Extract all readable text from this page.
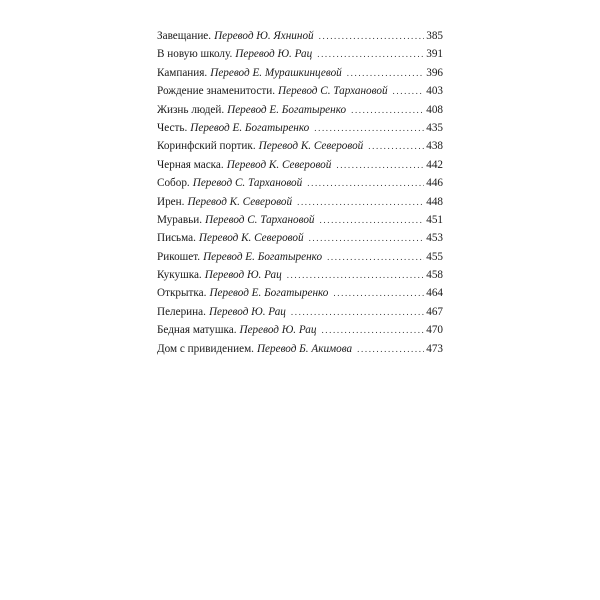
Завещание. Перевод Ю. Яхниной .....	385
В новую школу. Перевод Ю. Рац .....	391
Кампания. Перевод Е. Мурашкинцевой .....	396
Рождение знаменитости. Перевод С. Тархановой .....	403
Жизнь людей. Перевод Е. Богатыренко .....	408
Честь. Перевод Е. Богатыренко .....	435
Коринфский портик. Перевод К. Северовой .....	438
Черная маска. Перевод К. Северовой .....	442
Собор. Перевод С. Тархановой .....	446
Ирен. Перевод К. Северовой .....	448
Муравьи. Перевод С. Тархановой .....	451
Письма. Перевод К. Северовой .....	453
Рикошет. Перевод Е. Богатыренко .....	455
Кукушка. Перевод Ю. Рац .....	458
Открытка. Перевод Е. Богатыренко .....	464
Пелерина. Перевод Ю. Рац .....	467
Бедная матушка. Перевод Ю. Рац .....	470
Дом с привидением. Перевод Б. Акимова .....	473
